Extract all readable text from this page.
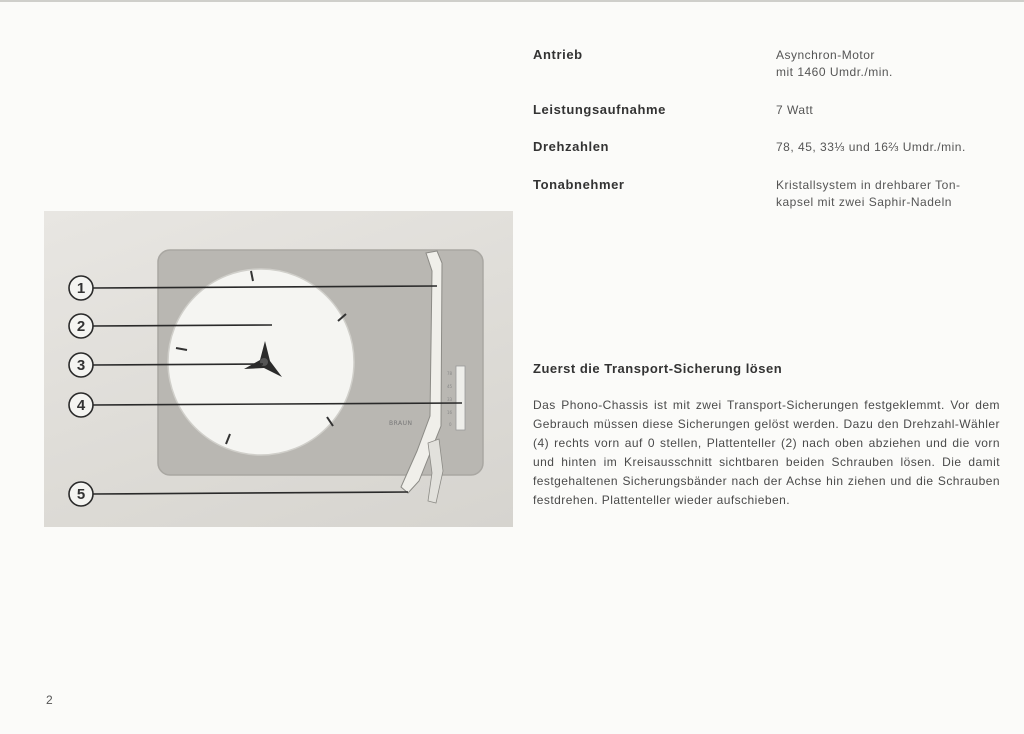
Antrieb	Asynchron-Motor
mit 1460 Umdr./min.
Leistungsaufnahme	7 Watt
Drehzahlen	78, 45, 33⅓ und 16⅔ Umdr./min.
Tonabnehmer	Kristallsystem in drehbarer Ton-
kapsel mit zwei Saphir-Nadeln
BRAUN
78
45
33
16
0
1
2
3
4
5
Zuerst die Transport-Sicherung lösen
Das Phono-Chassis ist mit zwei Transport-Sicherungen festgeklemmt. Vor dem Gebrauch müssen diese Sicherungen gelöst werden. Dazu den Drehzahl-Wähler (4) rechts vorn auf 0 stellen, Plattenteller (2) nach oben abziehen und die vorn und hinten im Kreisausschnitt sichtbaren beiden Schrauben lösen. Die damit festgehaltenen Sicherungsbänder nach der Achse hin ziehen und die Schrauben festdrehen. Plattenteller wieder aufschieben.
2
